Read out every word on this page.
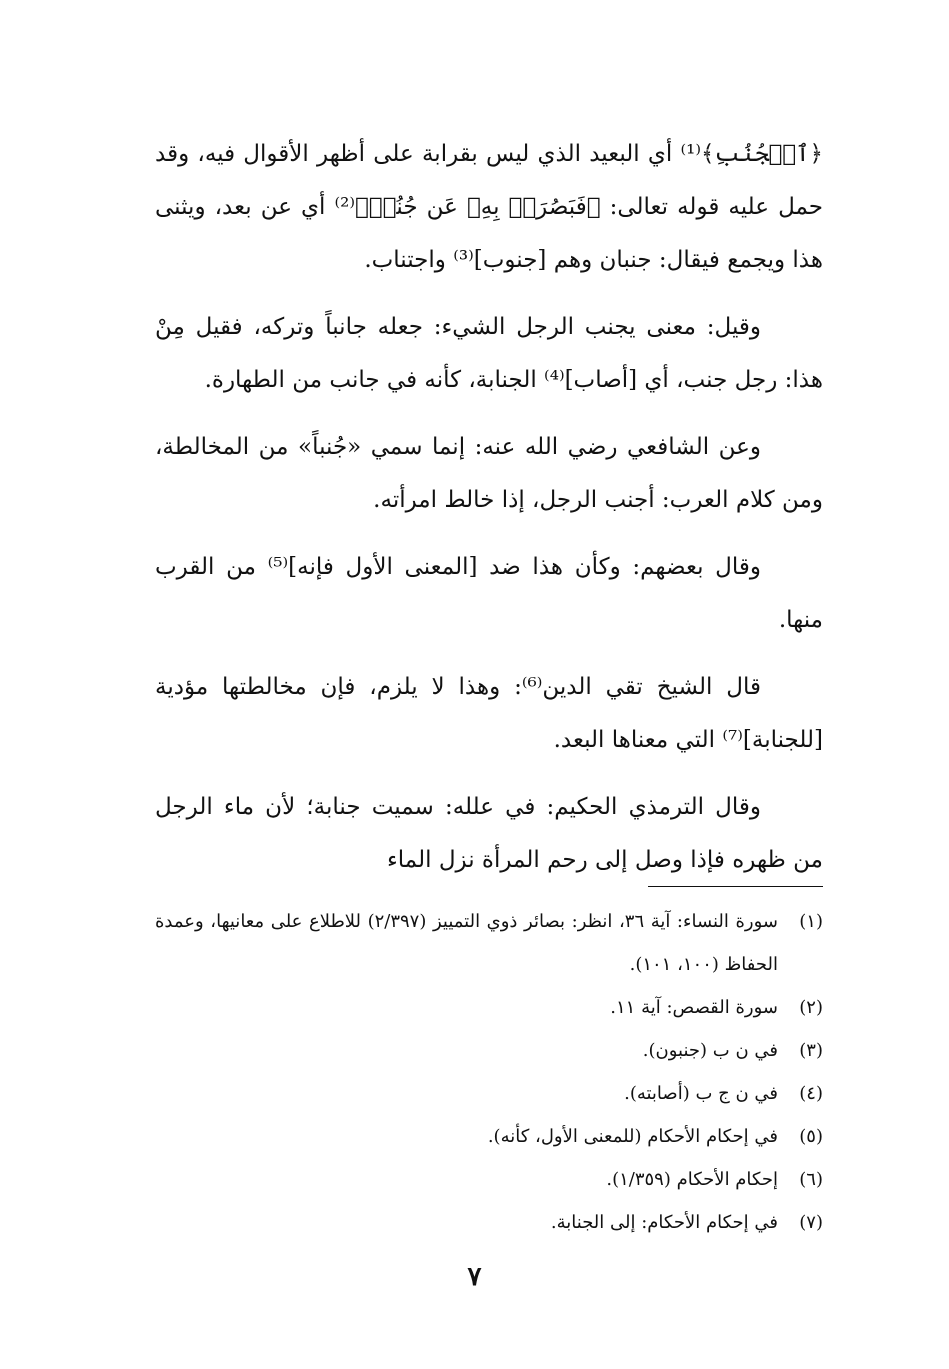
﴿ٱلۡجُنُبِ﴾⁽¹⁾ أي البعيد الذي ليس بقرابة على أظهر الأقوال فيه، وقد حمل عليه قوله تعالى: ﴿فَبَصُرَتۡ بِهِۦ عَن جُنُبٖ﴾⁽²⁾ أي عن بعد، ويثنى هذا ويجمع فيقال: جنبان وهم [جنوب]⁽³⁾ واجتناب.

وقيل: معنى يجنب الرجل الشيء: جعله جانباً وتركه، فقيل مِنْ هذا: رجل جنب، أي [أصاب]⁽⁴⁾ الجنابة، كأنه في جانب من الطهارة.

وعن الشافعي رضي الله عنه: إنما سمي «جُنباً» من المخالطة، ومن كلام العرب: أجنب الرجل، إذا خالط امرأته.

وقال بعضهم: وكأن هذا ضد [المعنى الأول فإنه]⁽⁵⁾ من القرب منها.

قال الشيخ تقي الدين⁽⁶⁾: وهذا لا يلزم، فإن مخالطتها مؤدية [للجنابة]⁽⁷⁾ التي معناها البعد.

وقال الترمذي الحكيم: في علله: سميت جنابة؛ لأن ماء الرجل من ظهره فإذا وصل إلى رحم المرأة نزل الماء

(١)
سورة النساء: آية ٣٦، انظر: بصائر ذوي التمييز (٢/٣٩٧) للاطلاع على معانيها، وعمدة الحفاظ (١٠٠، ١٠١).
(٢)
سورة القصص: آية ١١.
(٣)
في ن ب (جنبون).
(٤)
في ن ج ب (أصابته).
(٥)
في إحكام الأحكام (للمعنى الأول، كأنه).
(٦)
إحكام الأحكام (١/٣٥٩).
(٧)
في إحكام الأحكام: إلى الجنابة.
٧
